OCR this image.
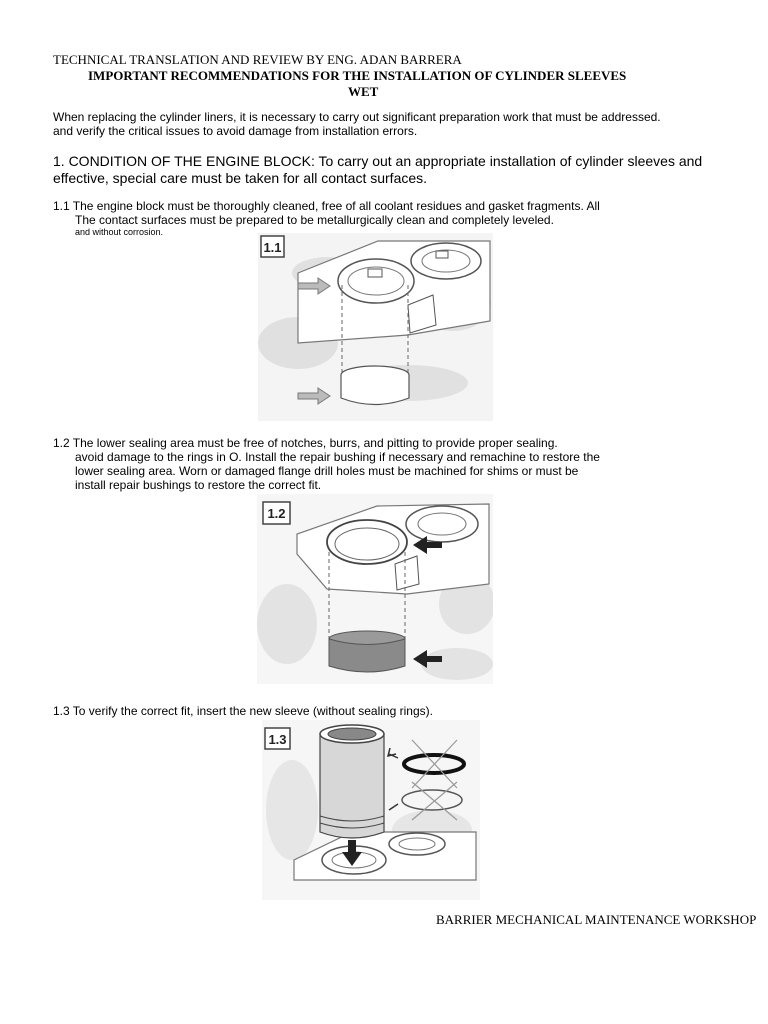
TECHNICAL TRANSLATION AND REVIEW BY ENG. ADAN BARRERA
IMPORTANT RECOMMENDATIONS FOR THE INSTALLATION OF CYLINDER SLEEVES
WET
When replacing the cylinder liners, it is necessary to carry out significant preparation work that must be addressed.
and verify the critical issues to avoid damage from installation errors.
1. CONDITION OF THE ENGINE BLOCK: To carry out an appropriate installation of cylinder sleeves and
effective, special care must be taken for all contact surfaces.
1.1 The engine block must be thoroughly cleaned, free of all coolant residues and gasket fragments. All
The contact surfaces must be prepared to be metallurgically clean and completely leveled.
and without corrosion.
1.1
1.2 The lower sealing area must be free of notches, burrs, and pitting to provide proper sealing.
avoid damage to the rings in O. Install the repair bushing if necessary and remachine to restore the
lower sealing area. Worn or damaged flange drill holes must be machined for shims or must be
install repair bushings to restore the correct fit.
1.2
1.3 To verify the correct fit, insert the new sleeve (without sealing rings).
1.3
BARRIER MECHANICAL MAINTENANCE WORKSHOP
